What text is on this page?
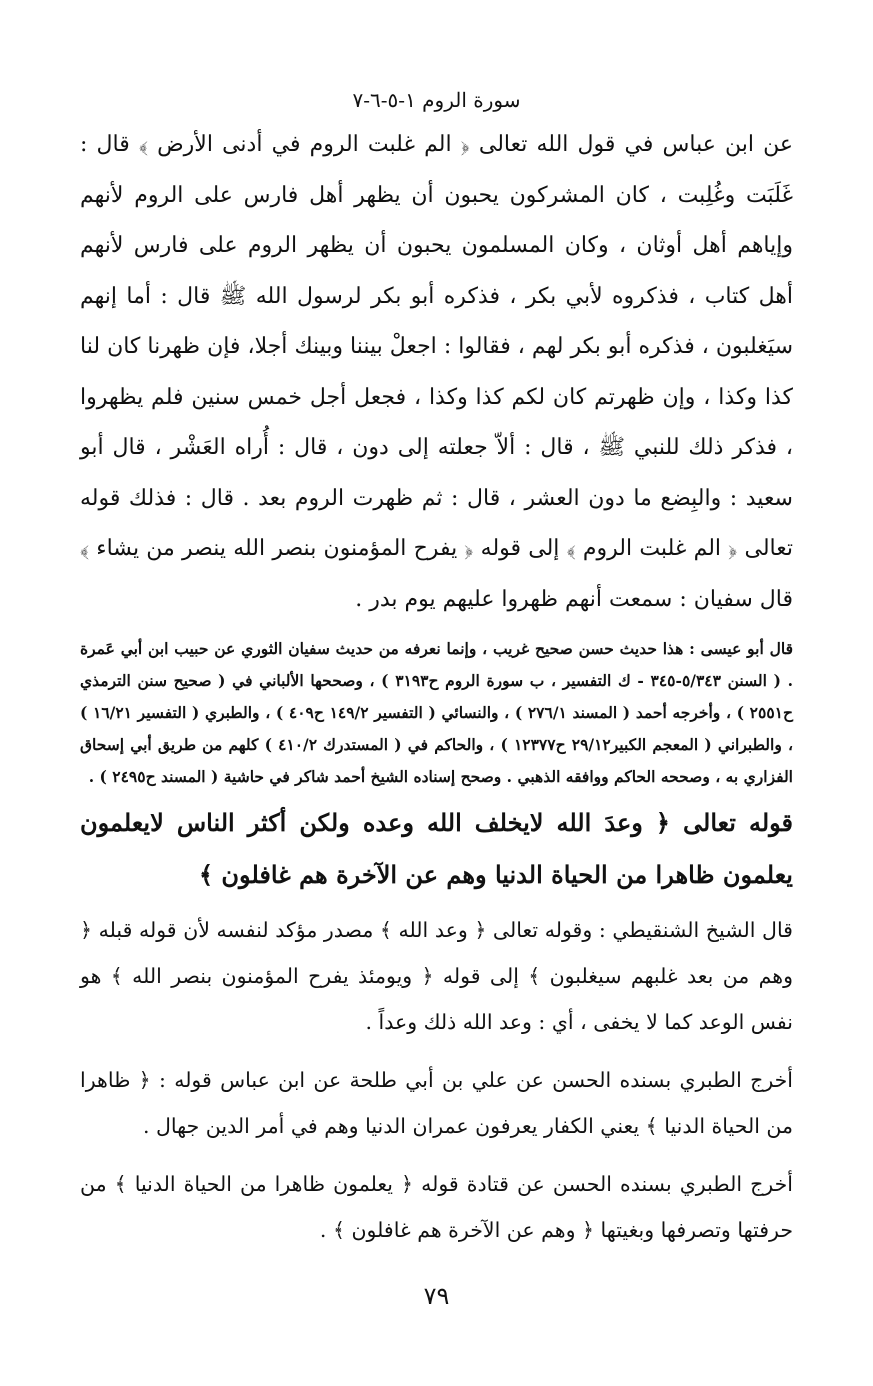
سورة الروم ١-٥-٦-٧

عن ابن عباس في قول الله تعالى ﴿ الم غلبت الروم في أدنى الأرض ﴾ قال : غَلَبَت وغُلِبت ، كان المشركون يحبون أن يظهر أهل فارس على الروم لأنهم وإياهم أهل أوثان ، وكان المسلمون يحبون أن يظهر الروم على فارس لأنهم أهل كتاب ، فذكروه لأبي بكر ، فذكره أبو بكر لرسول الله ﷺ قال : أما إنهم سيَغلبون ، فذكره أبو بكر لهم ، فقالوا : اجعلْ بيننا وبينك أجلا، فإن ظهرنا كان لنا كذا وكذا ، وإن ظهرتم كان لكم كذا وكذا ، فجعل أجل خمس سنين فلم يظهروا ، فذكر ذلك للنبي ﷺ ، قال : ألاّ جعلته إلى دون ، قال : أُراه العَشْر ، قال أبو سعيد : والبِضع ما دون العشر ، قال : ثم ظهرت الروم بعد . قال : فذلك قوله تعالى ﴿ الم غلبت الروم ﴾ إلى قوله ﴿ يفرح المؤمنون بنصر الله ينصر من يشاء ﴾ قال سفيان : سمعت أنهم ظهروا عليهم يوم بدر .

قال أبو عيسى : هذا حديث حسن صحيح غريب ، وإنما نعرفه من حديث سفيان الثوري عن حبيب ابن أبي عَمرة . ( السنن ٥/٣٤٣-٣٤٥ - ك التفسير ، ب سورة الروم ح٣١٩٣ ) ، وصححها الألباني في ( صحيح سنن الترمذي ح٢٥٥١ ) ، وأخرجه أحمد ( المسند ٢٧٦/١ ) ، والنسائي ( التفسير ١٤٩/٢ ح٤٠٩ ) ، والطبري ( التفسير ١٦/٢١ ) ، والطبراني ( المعجم الكبير٢٩/١٢ ح١٢٣٧٧ ) ، والحاكم في ( المستدرك ٤١٠/٢ ) كلهم من طريق أبي إسحاق الفزاري به ، وصححه الحاكم ووافقه الذهبي . وصحح إسناده الشيخ أحمد شاكر في حاشية ( المسند ح٢٤٩٥ ) .

قوله تعالى ﴿ وعدَ الله لايخلف الله وعده ولكن أكثر الناس لايعلمون يعلمون ظاهرا من الحياة الدنيا وهم عن الآخرة هم غافلون ﴾

قال الشيخ الشنقيطي : وقوله تعالى ﴿ وعد الله ﴾ مصدر مؤكد لنفسه لأن قوله قبله ﴿ وهم من بعد غلبهم سيغلبون ﴾ إلى قوله ﴿ ويومئذ يفرح المؤمنون بنصر الله ﴾ هو نفس الوعد كما لا يخفى ، أي : وعد الله ذلك وعداً .

أخرج الطبري بسنده الحسن عن علي بن أبي طلحة عن ابن عباس قوله : ﴿ ظاهرا من الحياة الدنيا ﴾ يعني الكفار يعرفون عمران الدنيا وهم في أمر الدين جهال .

أخرج الطبري بسنده الحسن عن قتادة قوله ﴿ يعلمون ظاهرا من الحياة الدنيا ﴾ من حرفتها وتصرفها وبغيتها ﴿ وهم عن الآخرة هم غافلون ﴾ .

٧٩
